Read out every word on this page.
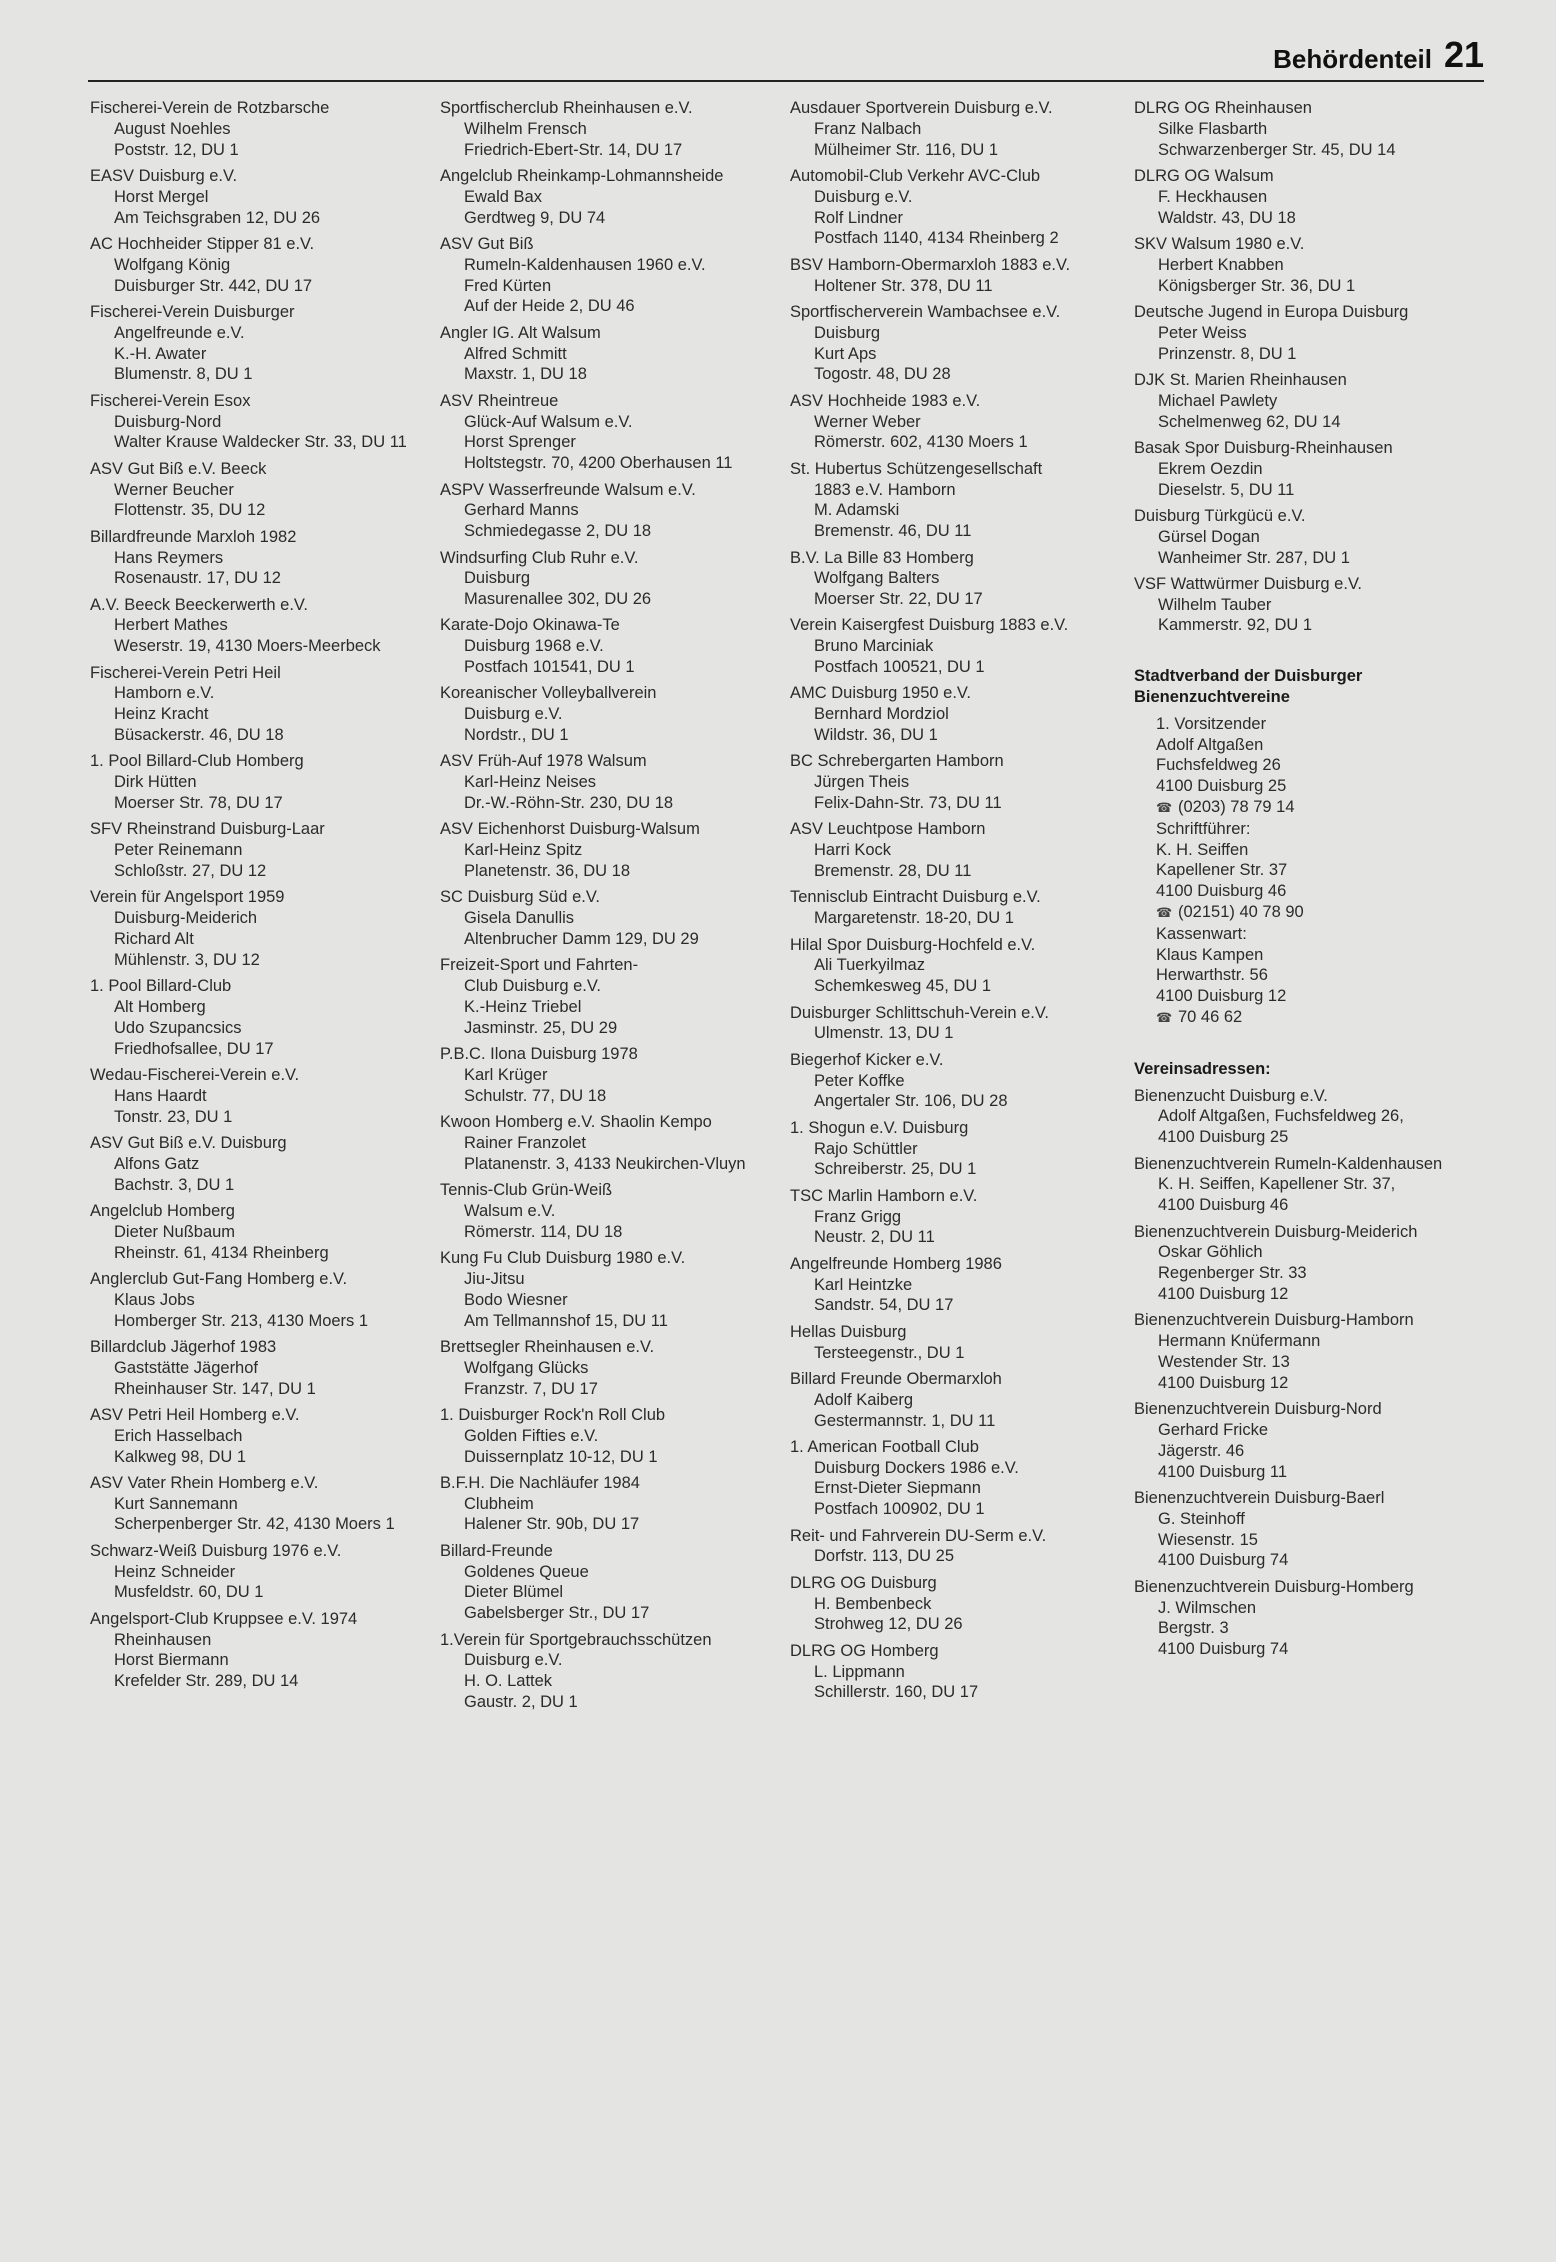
Behördenteil 21
Fischerei-Verein de Rotzbarsche
August Noehles
Poststr. 12, DU 1
EASV Duisburg e.V.
Horst Mergel
Am Teichsgraben 12, DU 26
AC Hochheider Stipper 81 e.V.
Wolfgang König
Duisburger Str. 442, DU 17
Fischerei-Verein Duisburger
Angelfreunde e.V.
K.-H. Awater
Blumenstr. 8, DU 1
Fischerei-Verein Esox
Duisburg-Nord
Walter Krause Waldecker Str. 33, DU 11
ASV Gut Biß e.V. Beeck
Werner Beucher
Flottenstr. 35, DU 12
Billardfreunde Marxloh 1982
Hans Reymers
Rosenaustr. 17, DU 12
A.V. Beeck Beeckerwerth e.V.
Herbert Mathes
Weserstr. 19, 4130 Moers-Meerbeck
Fischerei-Verein Petri Heil
Hamborn e.V.
Heinz Kracht
Büsackerstr. 46, DU 18
1. Pool Billard-Club Homberg
Dirk Hütten
Moerser Str. 78, DU 17
SFV Rheinstrand Duisburg-Laar
Peter Reinemann
Schloßstr. 27, DU 12
Verein für Angelsport 1959
Duisburg-Meiderich
Richard Alt
Mühlenstr. 3, DU 12
1. Pool Billard-Club
Alt Homberg
Udo Szupancsics
Friedhofsallee, DU 17
Wedau-Fischerei-Verein e.V.
Hans Haardt
Tonstr. 23, DU 1
ASV Gut Biß e.V. Duisburg
Alfons Gatz
Bachstr. 3, DU 1
Angelclub Homberg
Dieter Nußbaum
Rheinstr. 61, 4134 Rheinberg
Anglerclub Gut-Fang Homberg e.V.
Klaus Jobs
Homberger Str. 213, 4130 Moers 1
Billardclub Jägerhof 1983
Gaststätte Jägerhof
Rheinhauser Str. 147, DU 1
ASV Petri Heil Homberg e.V.
Erich Hasselbach
Kalkweg 98, DU 1
ASV Vater Rhein Homberg e.V.
Kurt Sannemann
Scherpenberger Str. 42, 4130 Moers 1
Schwarz-Weiß Duisburg 1976 e.V.
Heinz Schneider
Musfeldstr. 60, DU 1
Angelsport-Club Kruppsee e.V. 1974
Rheinhausen
Horst Biermann
Krefelder Str. 289, DU 14
Sportfischerclub Rheinhausen e.V.
Wilhelm Frensch
Friedrich-Ebert-Str. 14, DU 17
Angelclub Rheinkamp-Lohmannsheide
Ewald Bax
Gerdtweg 9, DU 74
ASV Gut Biß
Rumeln-Kaldenhausen 1960 e.V.
Fred Kürten
Auf der Heide 2, DU 46
Angler IG. Alt Walsum
Alfred Schmitt
Maxstr. 1, DU 18
ASV Rheintreue
Glück-Auf Walsum e.V.
Horst Sprenger
Holtstegstr. 70, 4200 Oberhausen 11
ASPV Wasserfreunde Walsum e.V.
Gerhard Manns
Schmiedegasse 2, DU 18
Windsurfing Club Ruhr e.V.
Duisburg
Masurenallee 302, DU 26
Karate-Dojo Okinawa-Te
Duisburg 1968 e.V.
Postfach 101541, DU 1
Koreanischer Volleyballverein
Duisburg e.V.
Nordstr., DU 1
ASV Früh-Auf 1978 Walsum
Karl-Heinz Neises
Dr.-W.-Röhn-Str. 230, DU 18
ASV Eichenhorst Duisburg-Walsum
Karl-Heinz Spitz
Planetenstr. 36, DU 18
SC Duisburg Süd e.V.
Gisela Danullis
Altenbrucher Damm 129, DU 29
Freizeit-Sport und Fahrten-
Club Duisburg e.V.
K.-Heinz Triebel
Jasminstr. 25, DU 29
P.B.C. Ilona Duisburg 1978
Karl Krüger
Schulstr. 77, DU 18
Kwoon Homberg e.V. Shaolin Kempo
Rainer Franzolet
Platanenstr. 3, 4133 Neukirchen-Vluyn
Tennis-Club Grün-Weiß
Walsum e.V.
Römerstr. 114, DU 18
Kung Fu Club Duisburg 1980 e.V.
Jiu-Jitsu
Bodo Wiesner
Am Tellmannshof 15, DU 11
Brettsegler Rheinhausen e.V.
Wolfgang Glücks
Franzstr. 7, DU 17
1. Duisburger Rock'n Roll Club
Golden Fifties e.V.
Duissernplatz 10-12, DU 1
B.F.H. Die Nachläufer 1984
Clubheim
Halener Str. 90b, DU 17
Billard-Freunde
Goldenes Queue
Dieter Blümel
Gabelsberger Str., DU 17
1.Verein für Sportgebrauchsschützen
Duisburg e.V.
H. O. Lattek
Gaustr. 2, DU 1
Ausdauer Sportverein Duisburg e.V.
Franz Nalbach
Mülheimer Str. 116, DU 1
Automobil-Club Verkehr AVC-Club
Duisburg e.V.
Rolf Lindner
Postfach 1140, 4134 Rheinberg 2
BSV Hamborn-Obermarxloh 1883 e.V.
Holtener Str. 378, DU 11
Sportfischerverein Wambachsee e.V.
Duisburg
Kurt Aps
Togostr. 48, DU 28
ASV Hochheide 1983 e.V.
Werner Weber
Römerstr. 602, 4130 Moers 1
St. Hubertus Schützengesellschaft
1883 e.V. Hamborn
M. Adamski
Bremenstr. 46, DU 11
B.V. La Bille 83 Homberg
Wolfgang Balters
Moerser Str. 22, DU 17
Verein Kaisergfest Duisburg 1883 e.V.
Bruno Marciniak
Postfach 100521, DU 1
AMC Duisburg 1950 e.V.
Bernhard Mordziol
Wildstr. 36, DU 1
BC Schrebergarten Hamborn
Jürgen Theis
Felix-Dahn-Str. 73, DU 11
ASV Leuchtpose Hamborn
Harri Kock
Bremenstr. 28, DU 11
Tennisclub Eintracht Duisburg e.V.
Margaretenstr. 18-20, DU 1
Hilal Spor Duisburg-Hochfeld e.V.
Ali Tuerkyilmaz
Schemkesweg 45, DU 1
Duisburger Schlittschuh-Verein e.V.
Ulmenstr. 13, DU 1
Biegerhof Kicker e.V.
Peter Koffke
Angertaler Str. 106, DU 28
1. Shogun e.V. Duisburg
Rajo Schüttler
Schreiberstr. 25, DU 1
TSC Marlin Hamborn e.V.
Franz Grigg
Neustr. 2, DU 11
Angelfreunde Homberg 1986
Karl Heintzke
Sandstr. 54, DU 17
Hellas Duisburg
Tersteegenstr., DU 1
Billard Freunde Obermarxloh
Adolf Kaiberg
Gestermannstr. 1, DU 11
1. American Football Club
Duisburg Dockers 1986 e.V.
Ernst-Dieter Siepmann
Postfach 100902, DU 1
Reit- und Fahrverein DU-Serm e.V.
Dorfstr. 113, DU 25
DLRG OG Duisburg
H. Bembenbeck
Strohweg 12, DU 26
DLRG OG Homberg
L. Lippmann
Schillerstr. 160, DU 17
DLRG OG Rheinhausen
Silke Flasbarth
Schwarzenberger Str. 45, DU 14
DLRG OG Walsum
F. Heckhausen
Waldstr. 43, DU 18
SKV Walsum 1980 e.V.
Herbert Knabben
Königsberger Str. 36, DU 1
Deutsche Jugend in Europa Duisburg
Peter Weiss
Prinzenstr. 8, DU 1
DJK St. Marien Rheinhausen
Michael Pawlety
Schelmenweg 62, DU 14
Basak Spor Duisburg-Rheinhausen
Ekrem Oezdin
Dieselstr. 5, DU 11
Duisburg Türkgücü e.V.
Gürsel Dogan
Wanheimer Str. 287, DU 1
VSF Wattwürmer Duisburg e.V.
Wilhelm Tauber
Kammerstr. 92, DU 1
Stadtverband der Duisburger
Bienenzuchtvereine
1. Vorsitzender
Adolf Altgaßen
Fuchsfeldweg 26
4100 Duisburg 25
☎ (0203) 78 79 14
Schriftführer:
K. H. Seiffen
Kapellener Str. 37
4100 Duisburg 46
☎ (02151) 40 78 90
Kassenwart:
Klaus Kampen
Herwarthstr. 56
4100 Duisburg 12
☎ 70 46 62
Vereinsadressen:
Bienenzucht Duisburg e.V.
Adolf Altgaßen, Fuchsfeldweg 26,
4100 Duisburg 25
Bienenzuchtverein Rumeln-Kaldenhausen
K. H. Seiffen, Kapellener Str. 37,
4100 Duisburg 46
Bienenzuchtverein Duisburg-Meiderich
Oskar Göhlich
Regenberger Str. 33
4100 Duisburg 12
Bienenzuchtverein Duisburg-Hamborn
Hermann Knüfermann
Westender Str. 13
4100 Duisburg 12
Bienenzuchtverein Duisburg-Nord
Gerhard Fricke
Jägerstr. 46
4100 Duisburg 11
Bienenzuchtverein Duisburg-Baerl
G. Steinhoff
Wiesenstr. 15
4100 Duisburg 74
Bienenzuchtverein Duisburg-Homberg
J. Wilmschen
Bergstr. 3
4100 Duisburg 74
